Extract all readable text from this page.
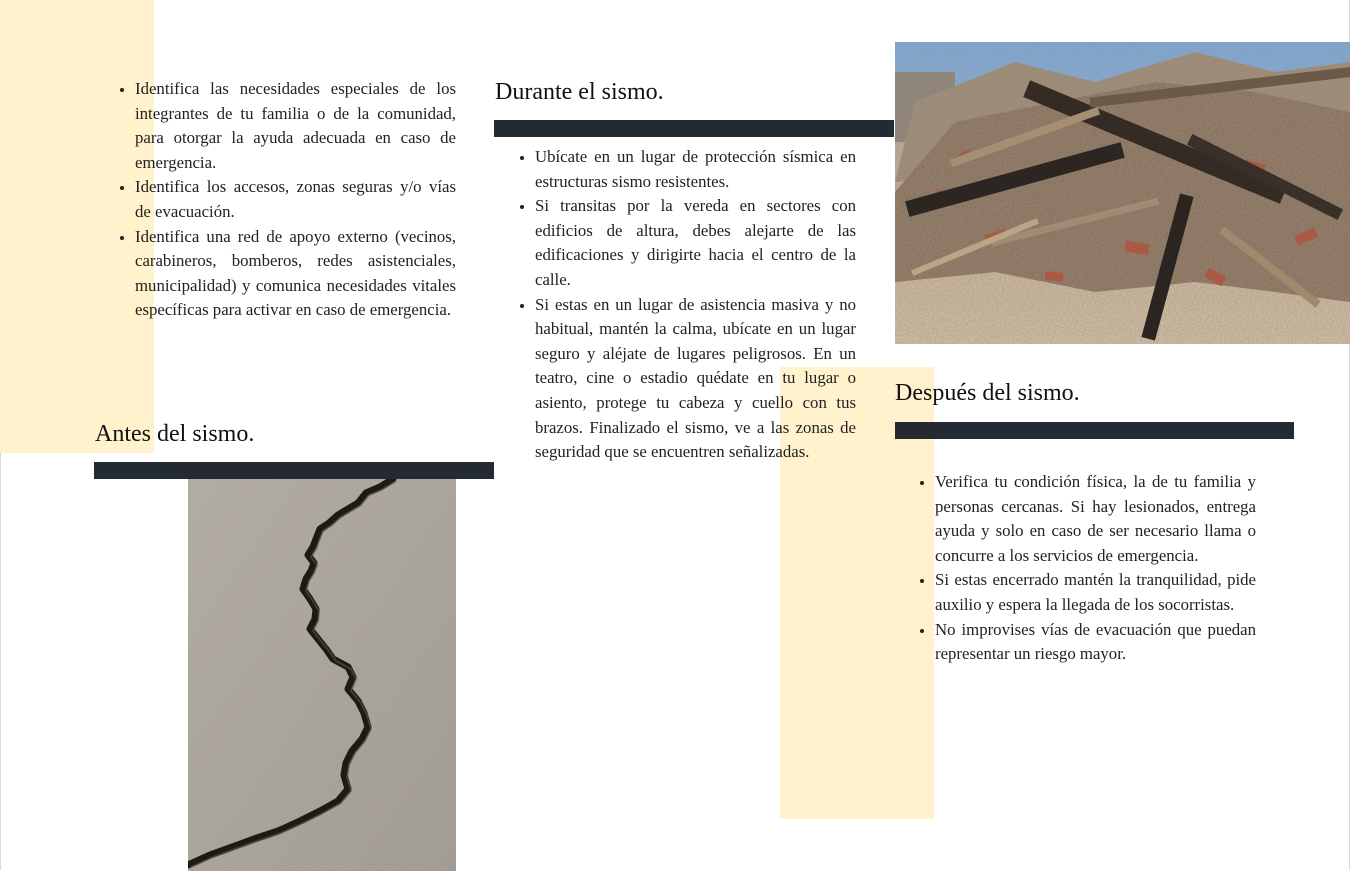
• Identifica las necesidades especiales de los integrantes de tu familia o de la comunidad, para otorgar la ayuda adecuada en caso de emergencia.
• Identifica los accesos, zonas seguras y/o vías de evacuación.
• Identifica una red de apoyo externo (vecinos, carabineros, bomberos, redes asistenciales, municipalidad) y comunica necesidades vitales específicas para activar en caso de emergencia.
Antes del sismo.
Durante el sismo.
• Ubícate en un lugar de protección sísmica en estructuras sismo resistentes.
• Si transitas por la vereda en sectores con edificios de altura, debes alejarte de las edificaciones y dirigirte hacia el centro de la calle.
• Si estas en un lugar de asistencia masiva y no habitual, mantén la calma, ubícate en un lugar seguro y aléjate de lugares peligrosos. En un teatro, cine o estadio quédate en tu lugar o asiento, protege tu cabeza y cuello con tus brazos. Finalizado el sismo, ve a las zonas de seguridad que se encuentren señalizadas.
Después del sismo.
• Verifica tu condición física, la de tu familia y personas cercanas. Si hay lesionados, entrega ayuda y solo en caso de ser necesario llama o concurre a los servicios de emergencia.
• Si estas encerrado mantén la tranquilidad, pide auxilio y espera la llegada de los socorristas.
• No improvises vías de evacuación que puedan representar un riesgo mayor.
